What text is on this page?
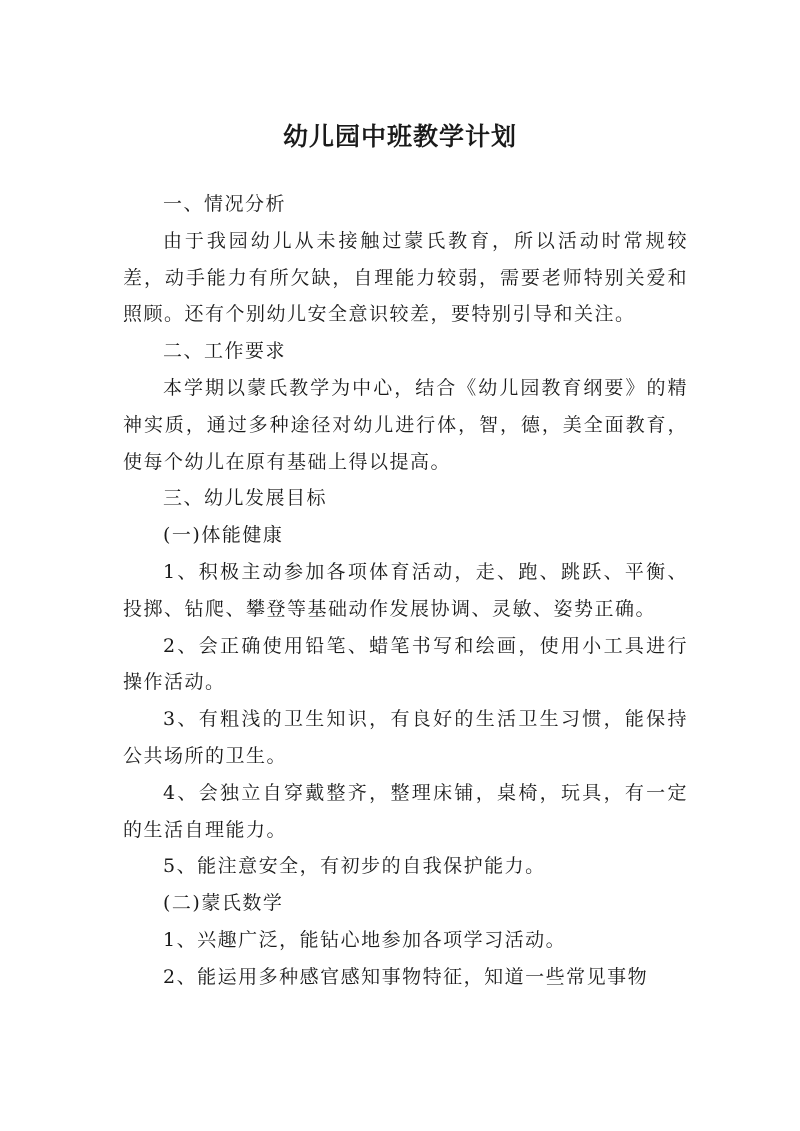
幼儿园中班教学计划

一、情况分析

由于我园幼儿从未接触过蒙氏教育，所以活动时常规较差，动手能力有所欠缺，自理能力较弱，需要老师特别关爱和照顾。还有个别幼儿安全意识较差，要特别引导和关注。

二、工作要求

本学期以蒙氏教学为中心，结合《幼儿园教育纲要》的精神实质，通过多种途径对幼儿进行体，智，德，美全面教育，使每个幼儿在原有基础上得以提高。

三、幼儿发展目标

(一)体能健康

1、积极主动参加各项体育活动，走、跑、跳跃、平衡、投掷、钻爬、攀登等基础动作发展协调、灵敏、姿势正确。

2、会正确使用铅笔、蜡笔书写和绘画，使用小工具进行操作活动。

3、有粗浅的卫生知识，有良好的生活卫生习惯，能保持公共场所的卫生。

4、会独立自穿戴整齐，整理床铺，桌椅，玩具，有一定的生活自理能力。

5、能注意安全，有初步的自我保护能力。

(二)蒙氏数学

1、兴趣广泛，能钻心地参加各项学习活动。

2、能运用多种感官感知事物特征，知道一些常见事物
